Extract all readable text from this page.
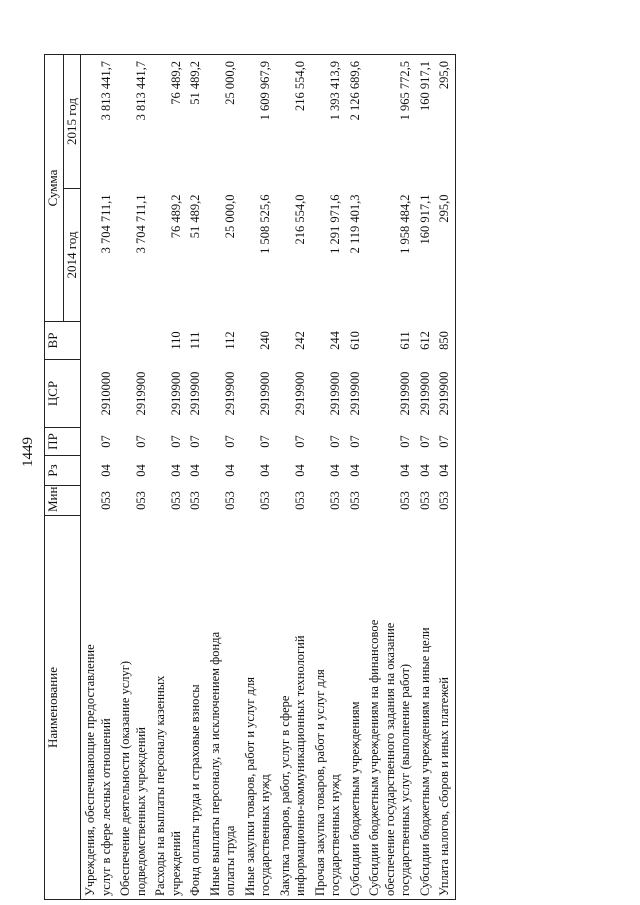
1449
Наименование	Мин	Рз	ПР	ЦСР	ВР	Сумма	
						2014 год	2015 год

Учреждения, обеспечивающие предоставление услуг в сфере лесных отношений	053	04	07	2910000		3 704 711,1	3 813 441,7

Обеспечение деятельности (оказание услуг) подведомственных учреждений	053	04	07	2919900		3 704 711,1	3 813 441,7

Расходы на выплаты персоналу казенных учреждений	053	04	07	2919900	110	76 489,2	76 489,2

Фонд оплаты труда и страховые взносы	053	04	07	2919900	111	51 489,2	51 489,2

Иные выплаты персоналу, за исключением фонда оплаты труда	053	04	07	2919900	112	25 000,0	25 000,0

Иные закупки товаров, работ и услуг для государственных нужд	053	04	07	2919900	240	1 508 525,6	1 609 967,9

Закупка товаров, работ, услуг в сфере информационно-коммуникационных технологий	053	04	07	2919900	242	216 554,0	216 554,0

Прочая закупка товаров, работ и услуг для государственных нужд	053	04	07	2919900	244	1 291 971,6	1 393 413,9

Субсидии бюджетным учреждениям	053	04	07	2919900	610	2 119 401,3	2 126 689,6

Субсидии бюджетным учреждениям на финансовое обеспечение государственного задания на оказание государственных услуг (выполнение работ)	053	04	07	2919900	611	1 958 484,2	1 965 772,5

Субсидии бюджетным учреждениям на иные цели	053	04	07	2919900	612	160 917,1	160 917,1

Уплата налогов, сборов и иных платежей	053	04	07	2919900	850	295,0	295,0
